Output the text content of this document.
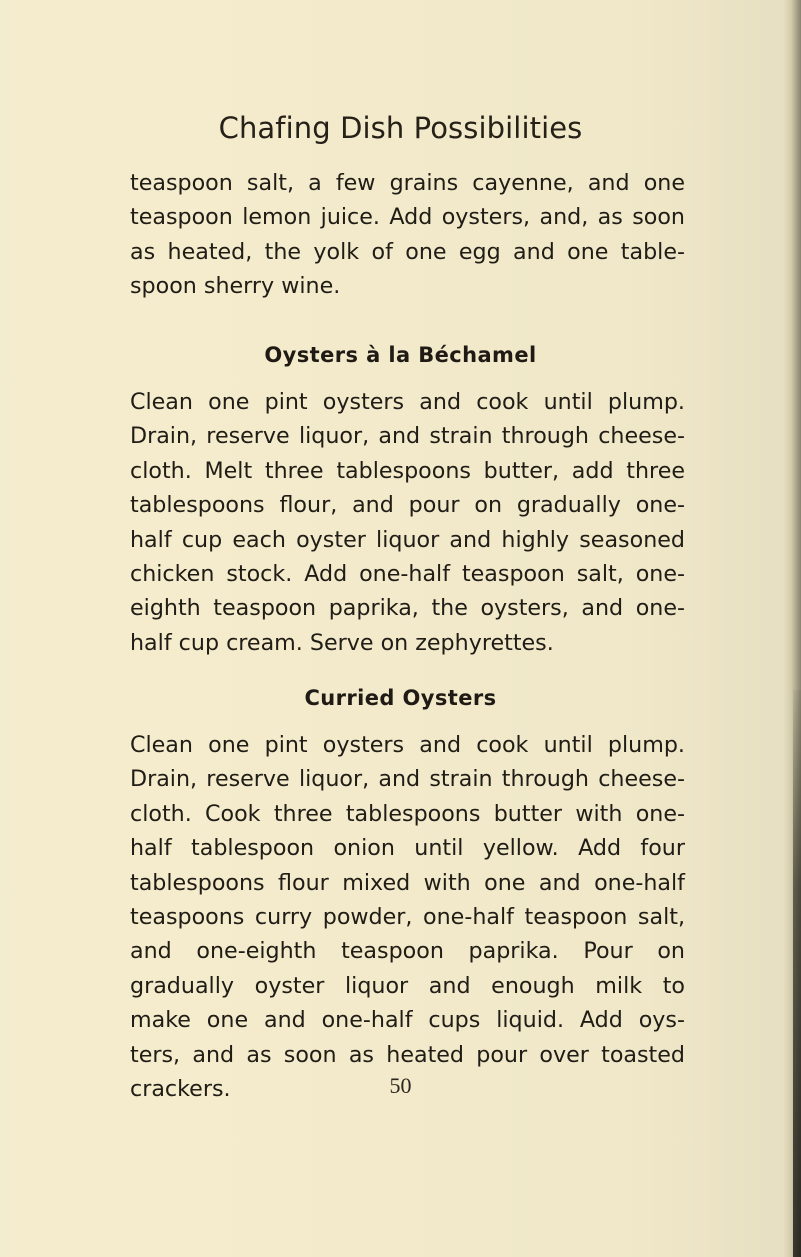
Chafing Dish Possibilities
teaspoon salt, a few grains cayenne, and one
teaspoon lemon juice. Add oysters, and, as soon
as heated, the yolk of one egg and one table-
spoon sherry wine.
Oysters à la Béchamel
Clean one pint oysters and cook until plump.
Drain, reserve liquor, and strain through cheese-
cloth. Melt three tablespoons butter, add three
tablespoons flour, and pour on gradually one-
half cup each oyster liquor and highly seasoned
chicken stock. Add one-half teaspoon salt, one-
eighth teaspoon paprika, the oysters, and one-
half cup cream. Serve on zephyrettes.
Curried Oysters
Clean one pint oysters and cook until plump.
Drain, reserve liquor, and strain through cheese-
cloth. Cook three tablespoons butter with one-
half tablespoon onion until yellow. Add four
tablespoons flour mixed with one and one-half
teaspoons curry powder, one-half teaspoon salt,
and one-eighth teaspoon paprika. Pour on
gradually oyster liquor and enough milk to
make one and one-half cups liquid. Add oys-
ters, and as soon as heated pour over toasted
crackers.	50
